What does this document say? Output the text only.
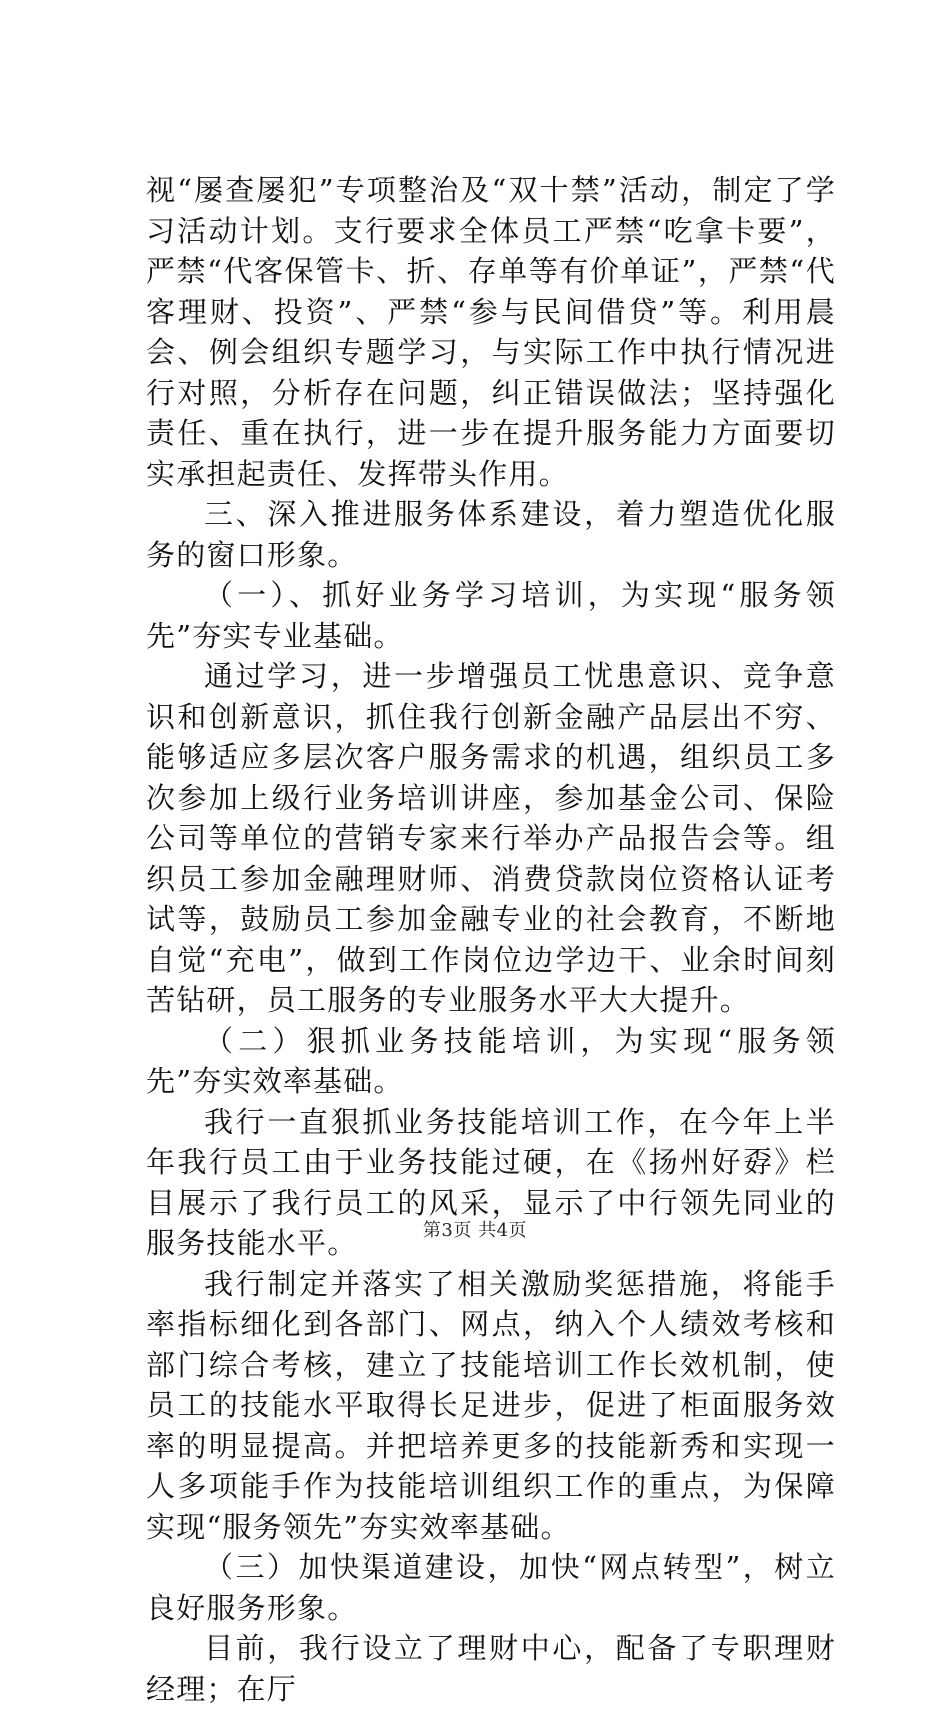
视“屡查屡犯”专项整治及“双十禁”活动，制定了学习活动计划。支行要求全体员工严禁“吃拿卡要”，严禁“代客保管卡、折、存单等有价单证”，严禁“代客理财、投资”、严禁“参与民间借贷”等。利用晨会、例会组织专题学习，与实际工作中执行情况进行对照，分析存在问题，纠正错误做法；坚持强化责任、重在执行，进一步在提升服务能力方面要切实承担起责任、发挥带头作用。

三、深入推进服务体系建设，着力塑造优化服务的窗口形象。

（一）、抓好业务学习培训，为实现“服务领先”夯实专业基础。

通过学习，进一步增强员工忧患意识、竞争意识和创新意识，抓住我行创新金融产品层出不穷、能够适应多层次客户服务需求的机遇，组织员工多次参加上级行业务培训讲座，参加基金公司、保险公司等单位的营销专家来行举办产品报告会等。组织员工参加金融理财师、消费贷款岗位资格认证考试等，鼓励员工参加金融专业的社会教育，不断地自觉“充电”，做到工作岗位边学边干、业余时间刻苦钻研，员工服务的专业服务水平大大提升。

（二）狠抓业务技能培训，为实现“服务领先”夯实效率基础。

我行一直狠抓业务技能培训工作，在今年上半年我行员工由于业务技能过硬，在《扬州好孬》栏目展示了我行员工的风采，显示了中行领先同业的服务技能水平。

我行制定并落实了相关激励奖惩措施，将能手率指标细化到各部门、网点，纳入个人绩效考核和部门综合考核，建立了技能培训工作长效机制，使员工的技能水平取得长足进步，促进了柜面服务效率的明显提高。并把培养更多的技能新秀和实现一人多项能手作为技能培训组织工作的重点，为保障实现“服务领先”夯实效率基础。

（三）加快渠道建设，加快“网点转型”，树立良好服务形象。

目前，我行设立了理财中心，配备了专职理财经理；在厅

第3页 共4页
